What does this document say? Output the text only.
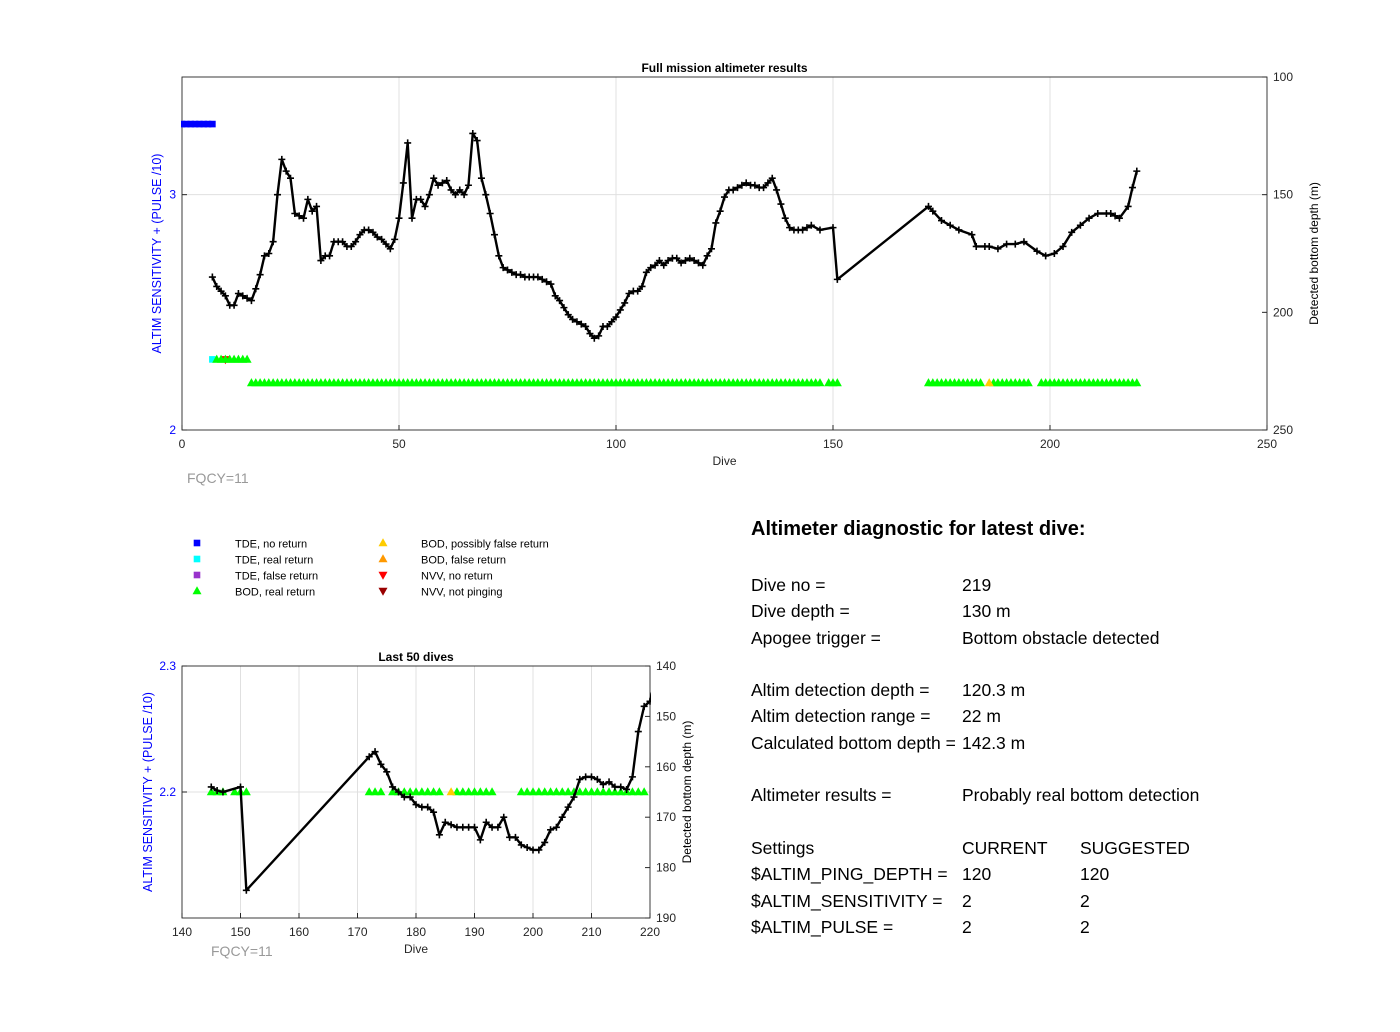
0	50	100	150	200	250
2
3
100
150
200
250
Full mission altimeter results
Dive
ALTIM SENSITIVITY + (PULSE /10)	Detected bottom depth (m)
FQCY=11
TDE, no return
TDE, real return
TDE, false return
BOD, real return
BOD, possibly false return
BOD, false return
NVV, no return
NVV, not pinging
140	150	160	170	180	190	200	210	220
2.2
2.3	140
150
160
170
180
190
Last 50 dives
Dive
ALTIM SENSITIVITY + (PULSE /10)	Detected bottom depth (m)
FQCY=11
Altimeter diagnostic for latest dive:
Dive no =	219
Dive depth =	130 m
Apogee trigger =	Bottom obstacle detected
Altim detection depth = 120.3 m
Altim detection range = 22 m
Calculated bottom depth = 142.3 m
Altimeter results =	Probably real bottom detection
Settings	CURRENT SUGGESTED
$ALTIM_PING_DEPTH = 120	120
$ALTIM_SENSITIVITY = 2	2
$ALTIM_PULSE =	2	2
